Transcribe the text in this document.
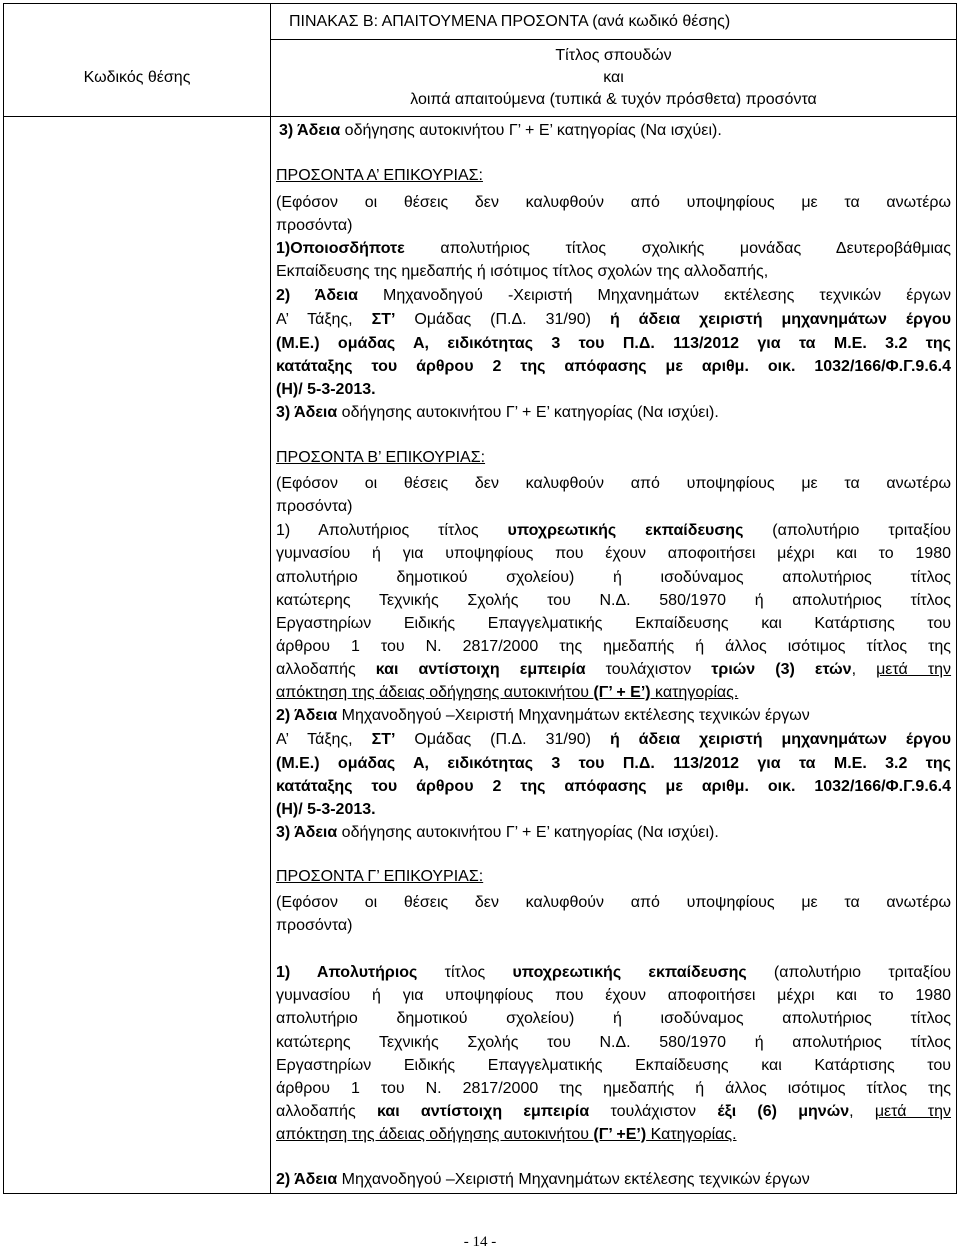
ΠΙΝΑΚΑΣ Β: ΑΠΑΙΤΟΥΜΕΝΑ ΠΡΟΣΟΝΤΑ (ανά κωδικό θέσης)
Κωδικός θέσης
Τίτλος σπουδών
και
λοιπά απαιτούμενα (τυπικά & τυχόν πρόσθετα) προσόντα
3) Άδεια οδήγησης αυτοκινήτου Γ’ + Ε’ κατηγορίας (Να ισχύει).
ΠΡΟΣΟΝΤΑ Α’ ΕΠΙΚΟΥΡΙΑΣ:
(Εφόσον οι θέσεις δεν καλυφθούν από υποψηφίους με τα ανωτέρω
προσόντα)
1)Οποιοσδήποτε απολυτήριος τίτλος σχολικής μονάδας Δευτεροβάθμιας
Εκπαίδευσης της ημεδαπής ή ισότιμος τίτλος σχολών της αλλοδαπής,
2) Άδεια Μηχανοδηγού -Χειριστή Μηχανημάτων εκτέλεσης τεχνικών έργων
Α’ Τάξης, ΣΤ’ Ομάδας (Π.Δ. 31/90) ή άδεια χειριστή μηχανημάτων έργου
(Μ.Ε.) ομάδας Α, ειδικότητας 3 του Π.Δ. 113/2012 για τα Μ.Ε. 3.2 της
κατάταξης του άρθρου 2 της απόφασης με αριθμ. οικ. 1032/166/Φ.Γ.9.6.4
(Η)/ 5-3-2013.
3) Άδεια οδήγησης αυτοκινήτου Γ’ + Ε’ κατηγορίας (Να ισχύει).
ΠΡΟΣΟΝΤΑ Β’ ΕΠΙΚΟΥΡΙΑΣ:
(Εφόσον οι θέσεις δεν καλυφθούν από υποψηφίους με τα ανωτέρω
προσόντα)
1) Απολυτήριος τίτλος υποχρεωτικής εκπαίδευσης (απολυτήριο τριταξίου
γυμνασίου ή για υποψηφίους που έχουν αποφοιτήσει μέχρι και το 1980
απολυτήριο δημοτικού σχολείου) ή ισοδύναμος απολυτήριος τίτλος
κατώτερης Τεχνικής Σχολής του Ν.Δ. 580/1970 ή απολυτήριος τίτλος
Εργαστηρίων Ειδικής Επαγγελματικής Εκπαίδευσης και Κατάρτισης του
άρθρου 1 του Ν. 2817/2000 της ημεδαπής ή άλλος ισότιμος τίτλος της
αλλοδαπής και αντίστοιχη εμπειρία τουλάχιστον τριών (3) ετών, μετά την
απόκτηση της άδειας οδήγησης αυτοκινήτου (Γ’ + Ε’) κατηγορίας.
2) Άδεια Μηχανοδηγού –Χειριστή Μηχανημάτων εκτέλεσης τεχνικών έργων
Α’ Τάξης, ΣΤ’ Ομάδας (Π.Δ. 31/90) ή άδεια χειριστή μηχανημάτων έργου
(Μ.Ε.) ομάδας Α, ειδικότητας 3 του Π.Δ. 113/2012 για τα Μ.Ε. 3.2 της
κατάταξης του άρθρου 2 της απόφασης με αριθμ. οικ. 1032/166/Φ.Γ.9.6.4
(Η)/ 5-3-2013.
3) Άδεια οδήγησης αυτοκινήτου Γ’ + Ε’ κατηγορίας (Να ισχύει).
ΠΡΟΣΟΝΤΑ Γ’ ΕΠΙΚΟΥΡΙΑΣ:
(Εφόσον οι θέσεις δεν καλυφθούν από υποψηφίους με τα ανωτέρω
προσόντα)
1) Απολυτήριος τίτλος υποχρεωτικής εκπαίδευσης (απολυτήριο τριταξίου
γυμνασίου ή για υποψηφίους που έχουν αποφοιτήσει μέχρι και το 1980
απολυτήριο δημοτικού σχολείου) ή ισοδύναμος απολυτήριος τίτλος
κατώτερης Τεχνικής Σχολής του Ν.Δ. 580/1970 ή απολυτήριος τίτλος
Εργαστηρίων Ειδικής Επαγγελματικής Εκπαίδευσης και Κατάρτισης του
άρθρου 1 του Ν. 2817/2000 της ημεδαπής ή άλλος ισότιμος τίτλος της
αλλοδαπής και αντίστοιχη εμπειρία τουλάχιστον έξι (6) μηνών, μετά την
απόκτηση της άδειας οδήγησης αυτοκινήτου (Γ’ +Ε’) Κατηγορίας.
2) Άδεια Μηχανοδηγού –Χειριστή Μηχανημάτων εκτέλεσης τεχνικών έργων
- 14 -
